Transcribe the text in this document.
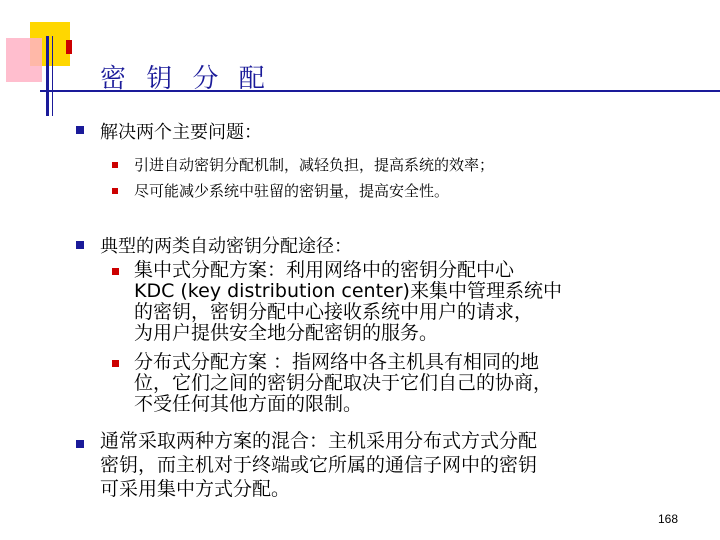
密 钥 分 配
解决两个主要问题：
引进自动密钥分配机制，减轻负担，提高系统的效率；
尽可能减少系统中驻留的密钥量，提高安全性。
典型的两类自动密钥分配途径：
集中式分配方案：利用网络中的密钥分配中心
KDC (key distribution center)来集中管理系统中
的密钥，密钥分配中心接收系统中用户的请求，
为用户提供安全地分配密钥的服务。
分布式分配方案 ：指网络中各主机具有相同的地
位，它们之间的密钥分配取决于它们自己的协商，
不受任何其他方面的限制。
通常采取两种方案的混合：主机采用分布式方式分配
密钥，而主机对于终端或它所属的通信子网中的密钥
可采用集中方式分配。
168
